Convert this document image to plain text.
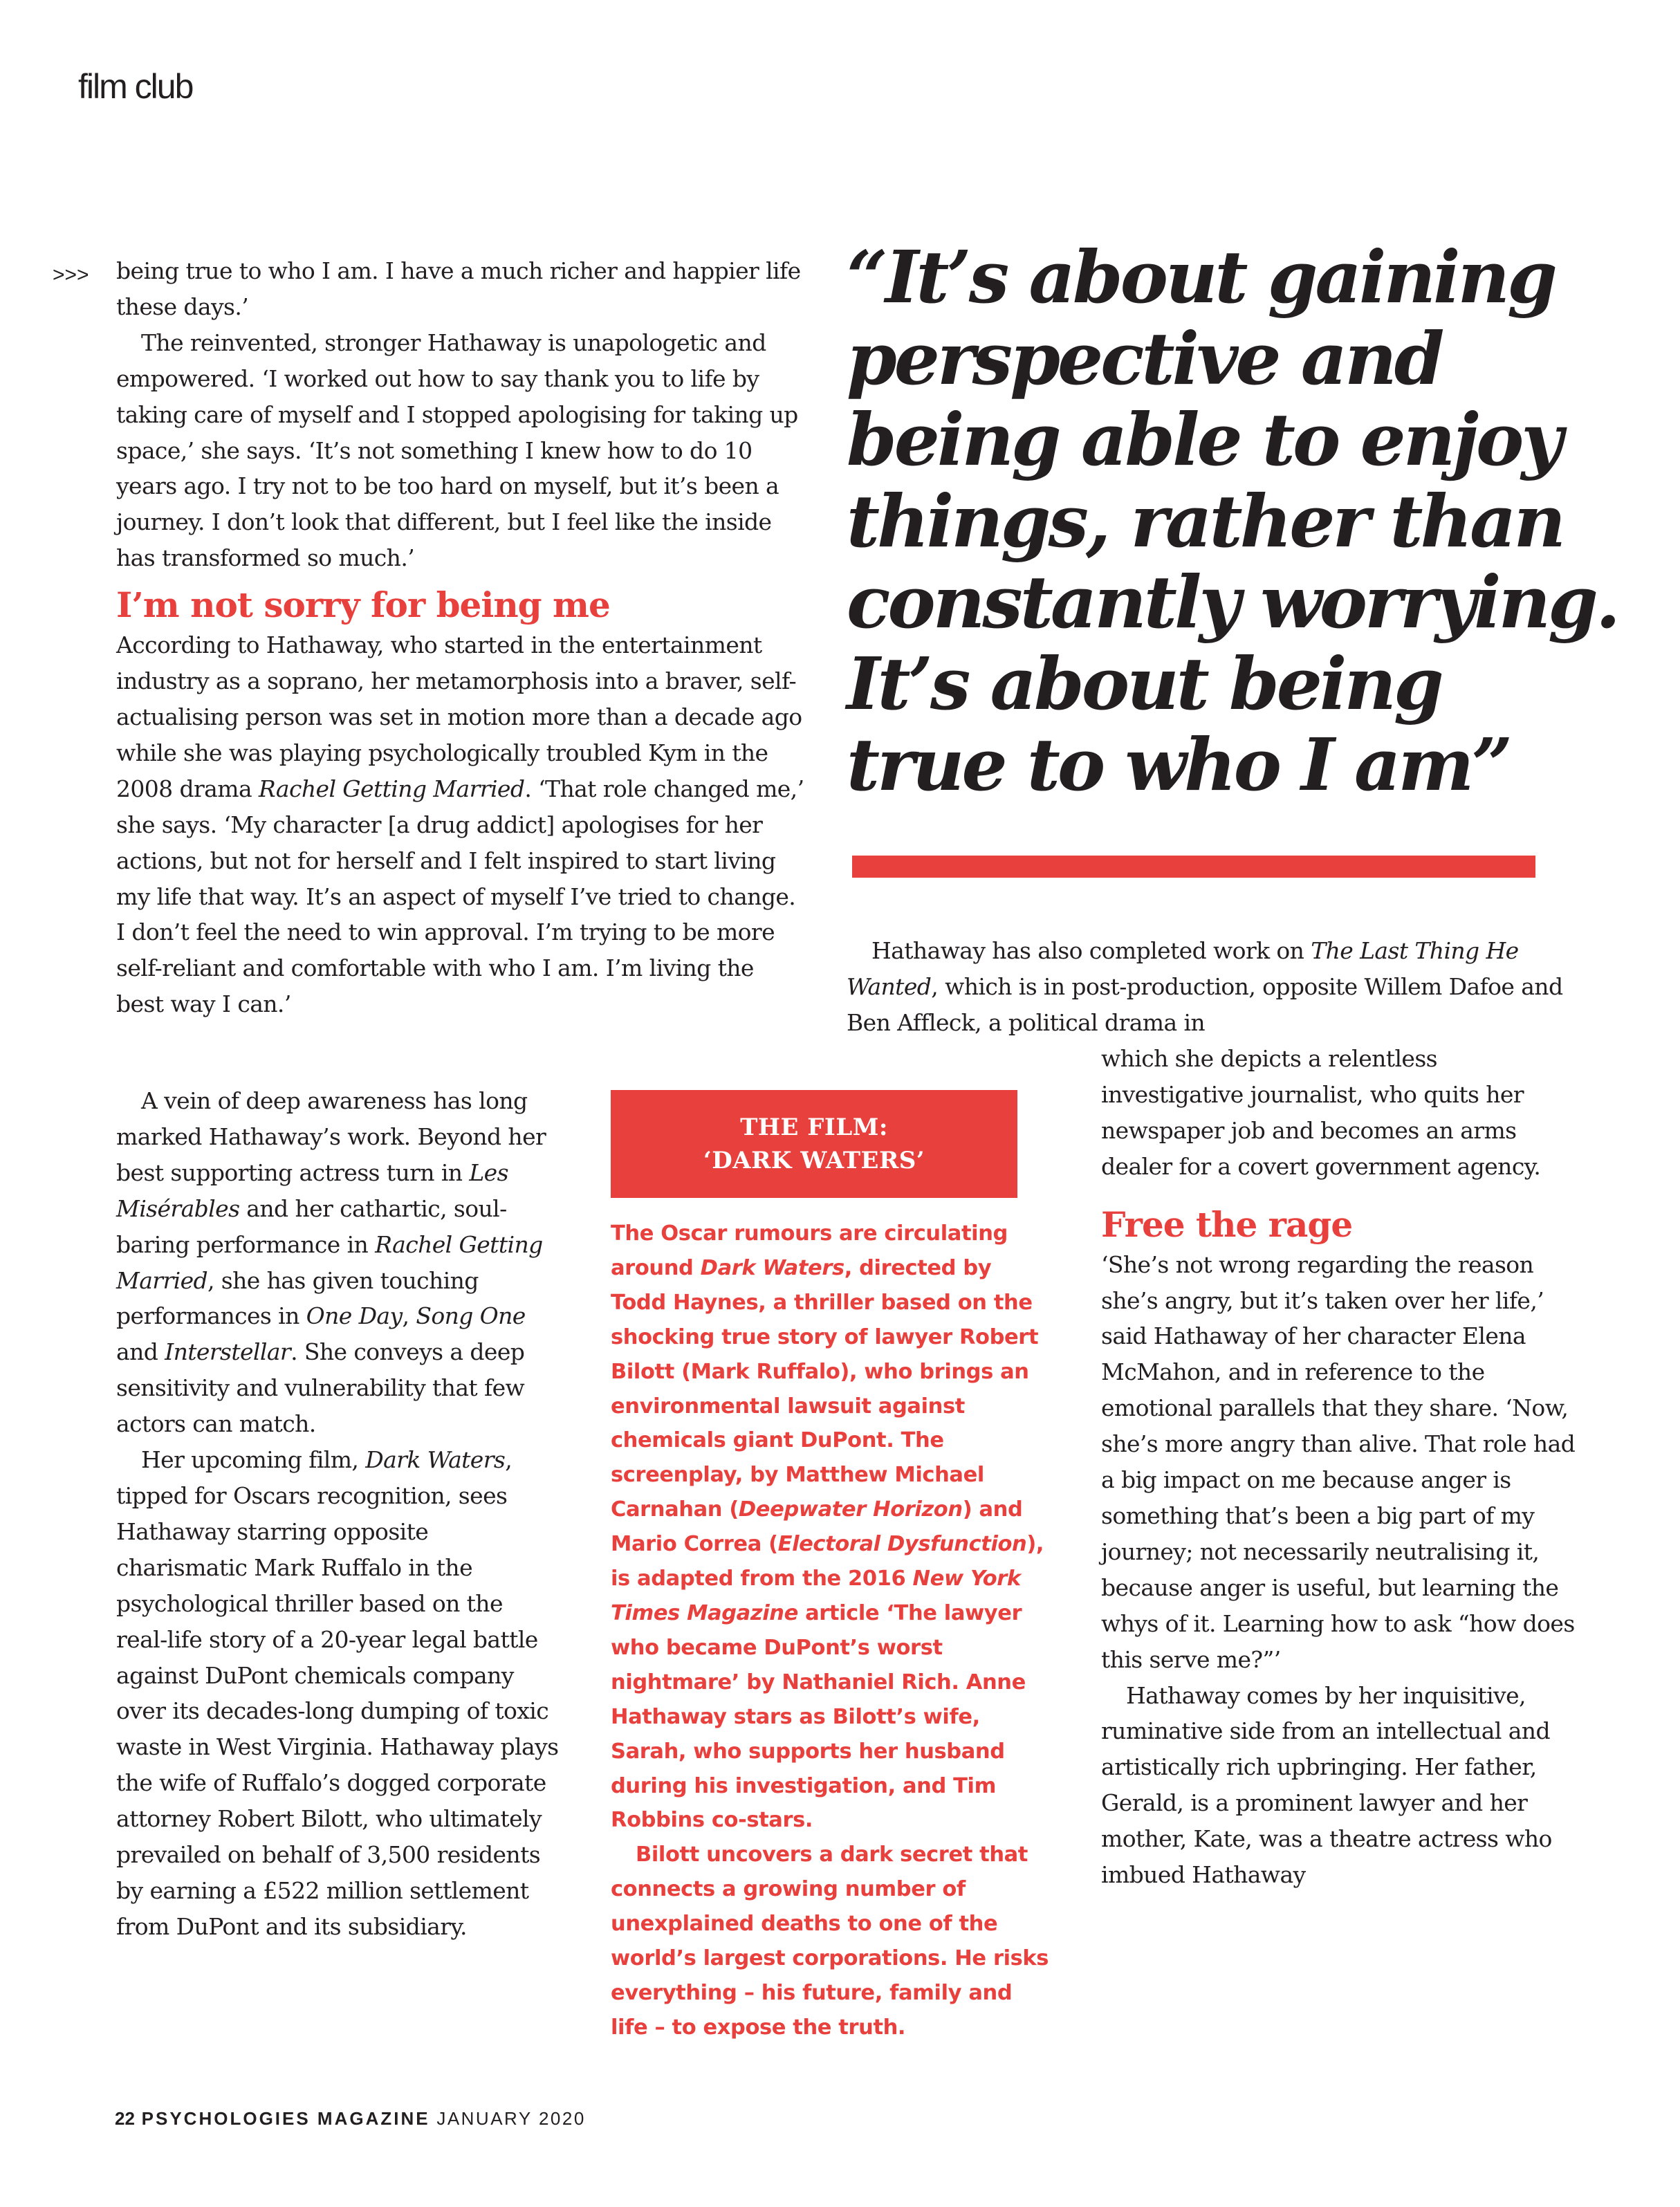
film club
>>> being true to who I am. I have a much richer and happier life these days.’

The reinvented, stronger Hathaway is unapologetic and empowered. ‘I worked out how to say thank you to life by taking care of myself and I stopped apologising for taking up space,’ she says. ‘It’s not something I knew how to do 10 years ago. I try not to be too hard on myself, but it’s been a journey. I don’t look that different, but I feel like the inside has transformed so much.’

I’m not sorry for being me

According to Hathaway, who started in the entertainment industry as a soprano, her metamorphosis into a braver, self-actualising person was set in motion more than a decade ago while she was playing psychologically troubled Kym in the 2008 drama Rachel Getting Married. ‘That role changed me,’ she says. ‘My character [a drug addict] apologises for her actions, but not for herself and I felt inspired to start living my life that way. It’s an aspect of myself I’ve tried to change. I don’t feel the need to win approval. I’m trying to be more self-reliant and comfortable with who I am. I’m living the best way I can.’

A vein of deep awareness has long marked Hathaway’s work. Beyond her best supporting actress turn in Les Misérables and her cathartic, soul-baring performance in Rachel Getting Married, she has given touching performances in One Day, Song One and Interstellar. She conveys a deep sensitivity and vulnerability that few actors can match.

Her upcoming film, Dark Waters, tipped for Oscars recognition, sees Hathaway starring opposite charismatic Mark Ruffalo in the psychological thriller based on the real-life story of a 20-year legal battle against DuPont chemicals company over its decades-long dumping of toxic waste in West Virginia. Hathaway plays the wife of Ruffalo’s dogged corporate attorney Robert Bilott, who ultimately prevailed on behalf of 3,500 residents by earning a £522 million settlement from DuPont and its subsidiary.

“It’s about gaining
perspective and
being able to enjoy
things, rather than
constantly worrying.
It’s about being
true to who I am”

Hathaway has also completed work on The Last Thing He Wanted, which is in post-production, opposite Willem Dafoe and Ben Affleck, a political drama in

which she depicts a relentless investigative journalist, who quits her newspaper job and becomes an arms dealer for a covert government agency.

Free the rage

‘She’s not wrong regarding the reason she’s angry, but it’s taken over her life,’ said Hathaway of her character Elena McMahon, and in reference to the emotional parallels that they share. ‘Now, she’s more angry than alive. That role had a big impact on me because anger is something that’s been a big part of my journey; not necessarily neutralising it, because anger is useful, but learning the whys of it. Learning how to ask “how does this serve me?”’

Hathaway comes by her inquisitive, ruminative side from an intellectual and artistically rich upbringing. Her father, Gerald, is a prominent lawyer and her mother, Kate, was a theatre actress who imbued Hathaway

THE FILM:
‘DARK WATERS’

The Oscar rumours are circulating around Dark Waters, directed by Todd Haynes, a thriller based on the shocking true story of lawyer Robert Bilott (Mark Ruffalo), who brings an environmental lawsuit against chemicals giant DuPont. The screenplay, by Matthew Michael Carnahan (Deepwater Horizon) and Mario Correa (Electoral Dysfunction), is adapted from the 2016 New York Times Magazine article ‘The lawyer who became DuPont’s worst nightmare’ by Nathaniel Rich. Anne Hathaway stars as Bilott’s wife, Sarah, who supports her husband during his investigation, and Tim Robbins co-stars.

Bilott uncovers a dark secret that connects a growing number of unexplained deaths to one of the world’s largest corporations. He risks everything – his future, family and life – to expose the truth.

22 PSYCHOLOGIES MAGAZINE JANUARY 2020
